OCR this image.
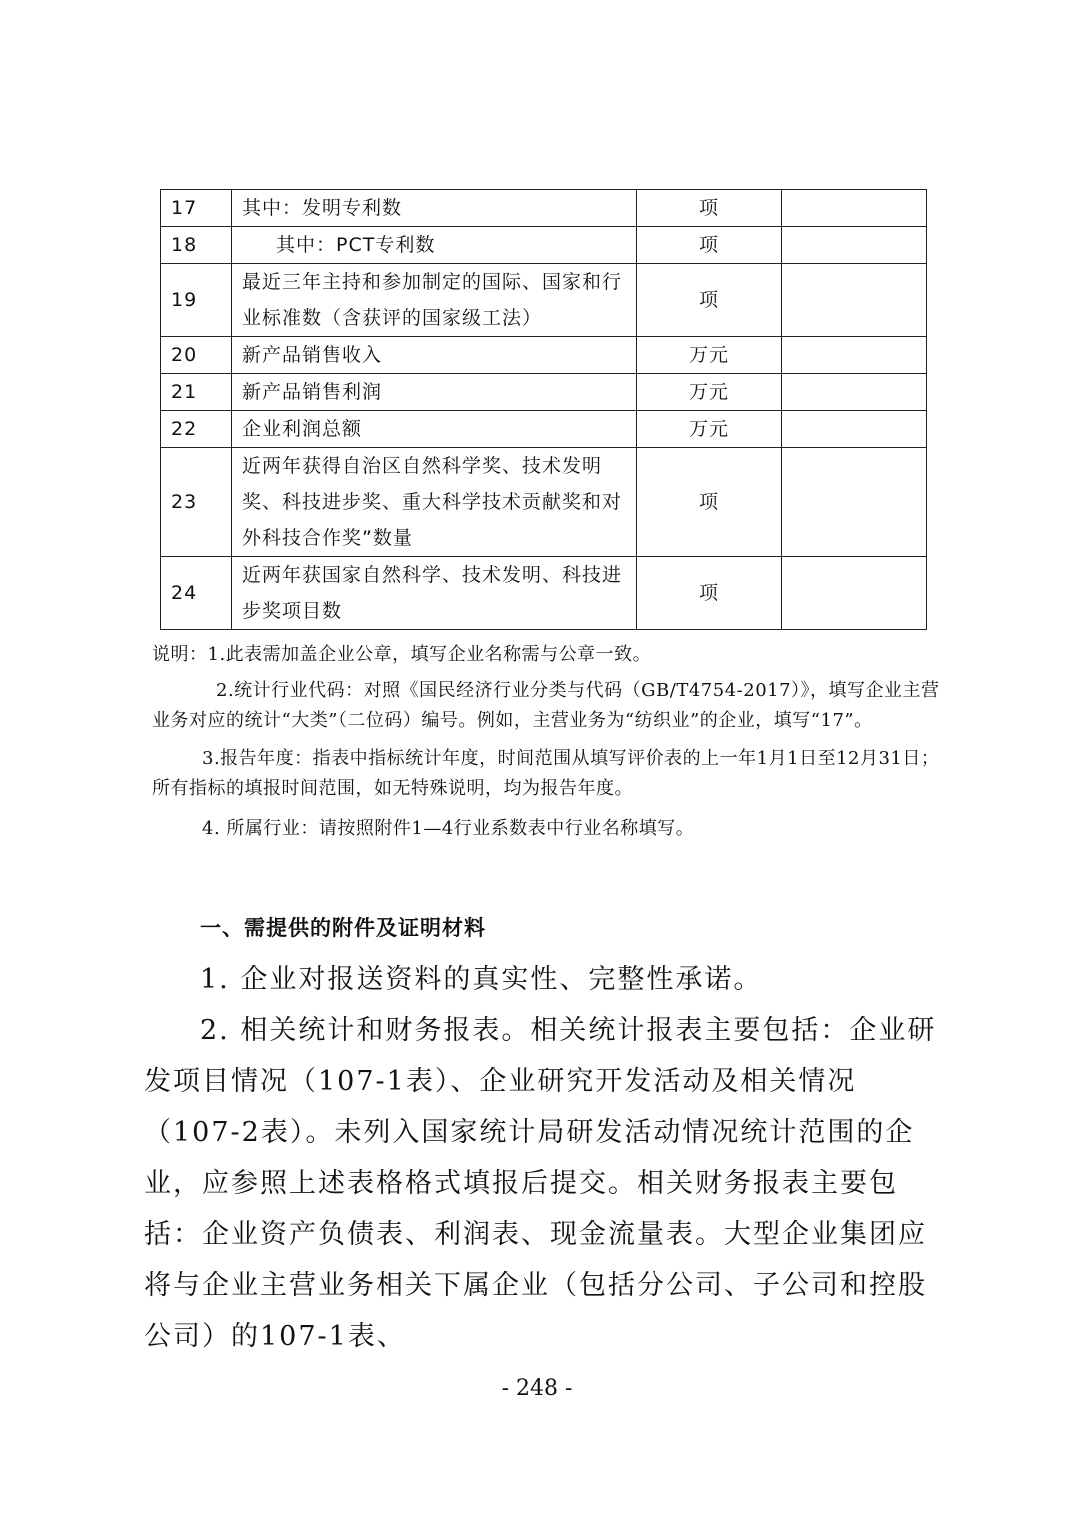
17	其中：发明专利数	项	
18	其中：PCT专利数	项	
19	最近三年主持和参加制定的国际、国家和行业标准数（含获评的国家级工法）	项	
20	新产品销售收入	万元	
21	新产品销售利润	万元	
22	企业利润总额	万元	
23	近两年获得自治区自然科学奖、技术发明奖、科技进步奖、重大科学技术贡献奖和对外科技合作奖”数量	项	
24	近两年获国家自然科学、技术发明、科技进步奖项目数	项	

说明：1.此表需加盖企业公章，填写企业名称需与公章一致。

2.统计行业代码：对照《国民经济行业分类与代码（GB/T4754-2017）》，填写企业主营业务对应的统计“大类”（二位码）编号。例如，主营业务为“纺织业”的企业，填写“17”。

3.报告年度：指表中指标统计年度，时间范围从填写评价表的上一年1月1日至12月31日；所有指标的填报时间范围，如无特殊说明，均为报告年度。

4. 所属行业：请按照附件1—4行业系数表中行业名称填写。

一、需提供的附件及证明材料

1. 企业对报送资料的真实性、完整性承诺。

2. 相关统计和财务报表。相关统计报表主要包括：企业研发项目情况（107-1表）、企业研究开发活动及相关情况（107-2表）。未列入国家统计局研发活动情况统计范围的企业，应参照上述表格格式填报后提交。相关财务报表主要包括：企业资产负债表、利润表、现金流量表。大型企业集团应将与企业主营业务相关下属企业（包括分公司、子公司和控股公司）的107-1表、

- 248 -
